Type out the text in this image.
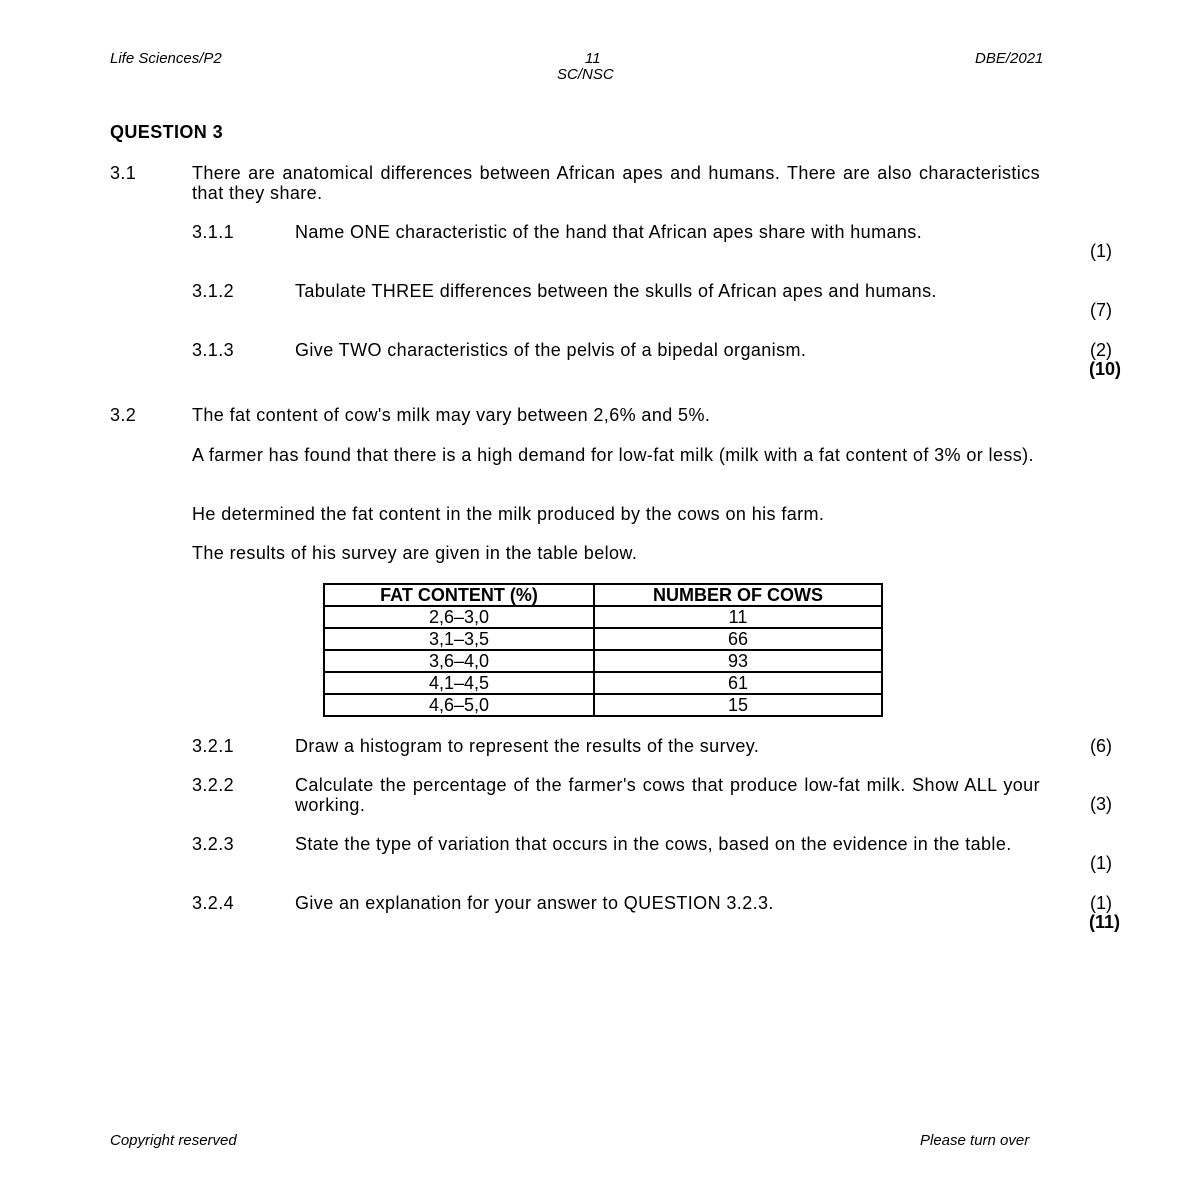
Life Sciences/P2	11
SC/NSC
DBE/2021
QUESTION 3
3.1	There are anatomical differences between African apes and humans. There are also characteristics that they share.
3.1.1	Name ONE characteristic of the hand that African apes share with humans.
(1)
3.1.2	Tabulate THREE differences between the skulls of African apes and humans.
(7)
3.1.3	Give TWO characteristics of the pelvis of a bipedal organism.	(2)
(10)
3.2	The fat content of cow's milk may vary between 2,6% and 5%.
A farmer has found that there is a high demand for low-fat milk (milk with a fat content of 3% or less).
He determined the fat content in the milk produced by the cows on his farm.
The results of his survey are given in the table below.
FAT CONTENT (%)	NUMBER OF COWS
2,6–3,0	11
3,1–3,5	66
3,6–4,0	93
4,1–4,5	61
4,6–5,0	15
3.2.1	Draw a histogram to represent the results of the survey.	(6)
3.2.2	Calculate the percentage of the farmer's cows that produce low-fat milk. Show ALL your working.	(3)
3.2.3	State the type of variation that occurs in the cows, based on the evidence in the table.
(1)
3.2.4	Give an explanation for your answer to QUESTION 3.2.3.	(1)
(11)
Copyright reserved	Please turn over
